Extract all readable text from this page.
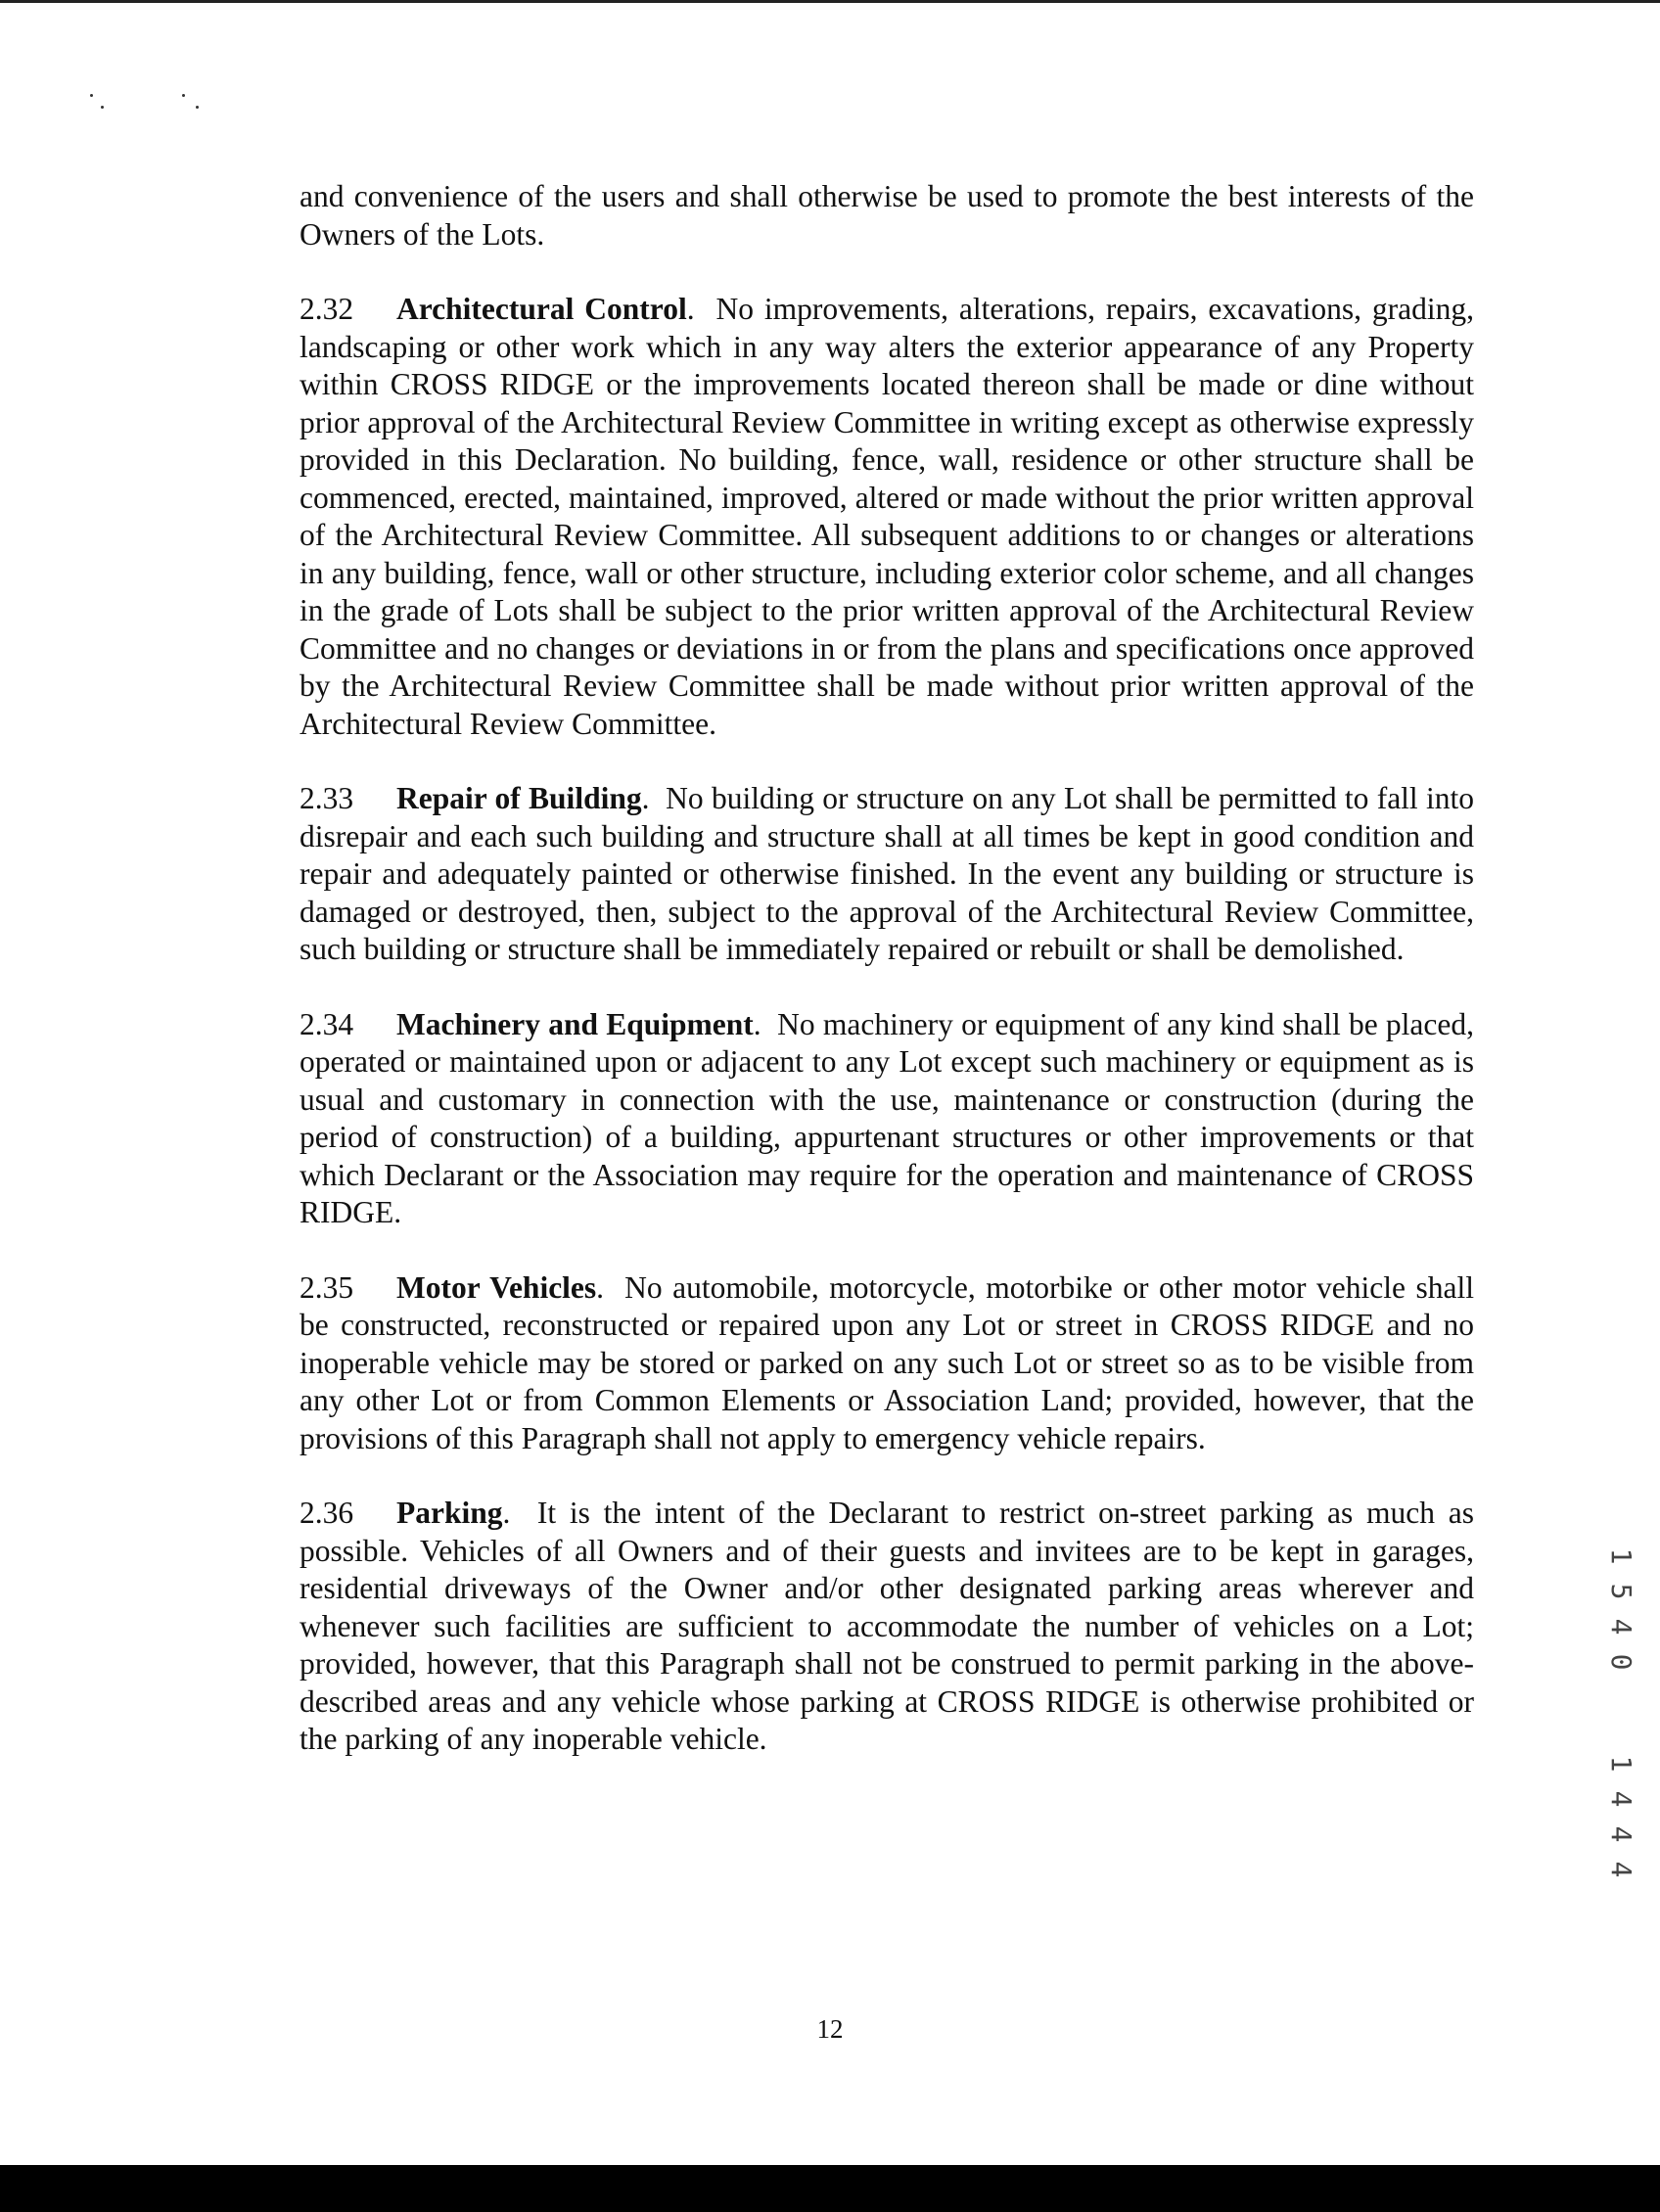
and convenience of the users and shall otherwise be used to promote the best interests of the Owners of the Lots.

2.32 Architectural Control.  No improvements, alterations, repairs, excavations, grading, landscaping or other work which in any way alters the exterior appearance of any Property within CROSS RIDGE or the improvements located thereon shall be made or dine without prior approval of the Architectural Review Committee in writing except as otherwise expressly provided in this Declaration. No building, fence, wall, residence or other structure shall be commenced, erected, maintained, improved, altered or made without the prior written approval of the Architectural Review Committee. All subsequent additions to or changes or alterations in any building, fence, wall or other structure, including exterior color scheme, and all changes in the grade of Lots shall be subject to the prior written approval of the Architectural Review Committee and no changes or deviations in or from the plans and specifications once approved by the Architectural Review Committee shall be made without prior written approval of the Architectural Review Committee.

2.33 Repair of Building.  No building or structure on any Lot shall be permitted to fall into disrepair and each such building and structure shall at all times be kept in good condition and repair and adequately painted or otherwise finished. In the event any building or structure is damaged or destroyed, then, subject to the approval of the Architectural Review Committee, such building or structure shall be immediately repaired or rebuilt or shall be demolished.

2.34 Machinery and Equipment.  No machinery or equipment of any kind shall be placed, operated or maintained upon or adjacent to any Lot except such machinery or equipment as is usual and customary in connection with the use, maintenance or construction (during the period of construction) of a building, appurtenant structures or other improvements or that which Declarant or the Association may require for the operation and maintenance of CROSS RIDGE.

2.35 Motor Vehicles.  No automobile, motorcycle, motorbike or other motor vehicle shall be constructed, reconstructed or repaired upon any Lot or street in CROSS RIDGE and no inoperable vehicle may be stored or parked on any such Lot or street so as to be visible from any other Lot or from Common Elements or Association Land; provided, however, that the provisions of this Paragraph shall not apply to emergency vehicle repairs.

2.36 Parking.  It is the intent of the Declarant to restrict on-street parking as much as possible. Vehicles of all Owners and of their guests and invitees are to be kept in garages, residential driveways of the Owner and/or other designated parking areas wherever and whenever such facilities are sufficient to accommodate the number of vehicles on a Lot; provided, however, that this Paragraph shall not be construed to permit parking in the above-described areas and any vehicle whose parking at CROSS RIDGE is otherwise prohibited or the parking of any inoperable vehicle.

1
5
4
0
1
4
4
4
12
